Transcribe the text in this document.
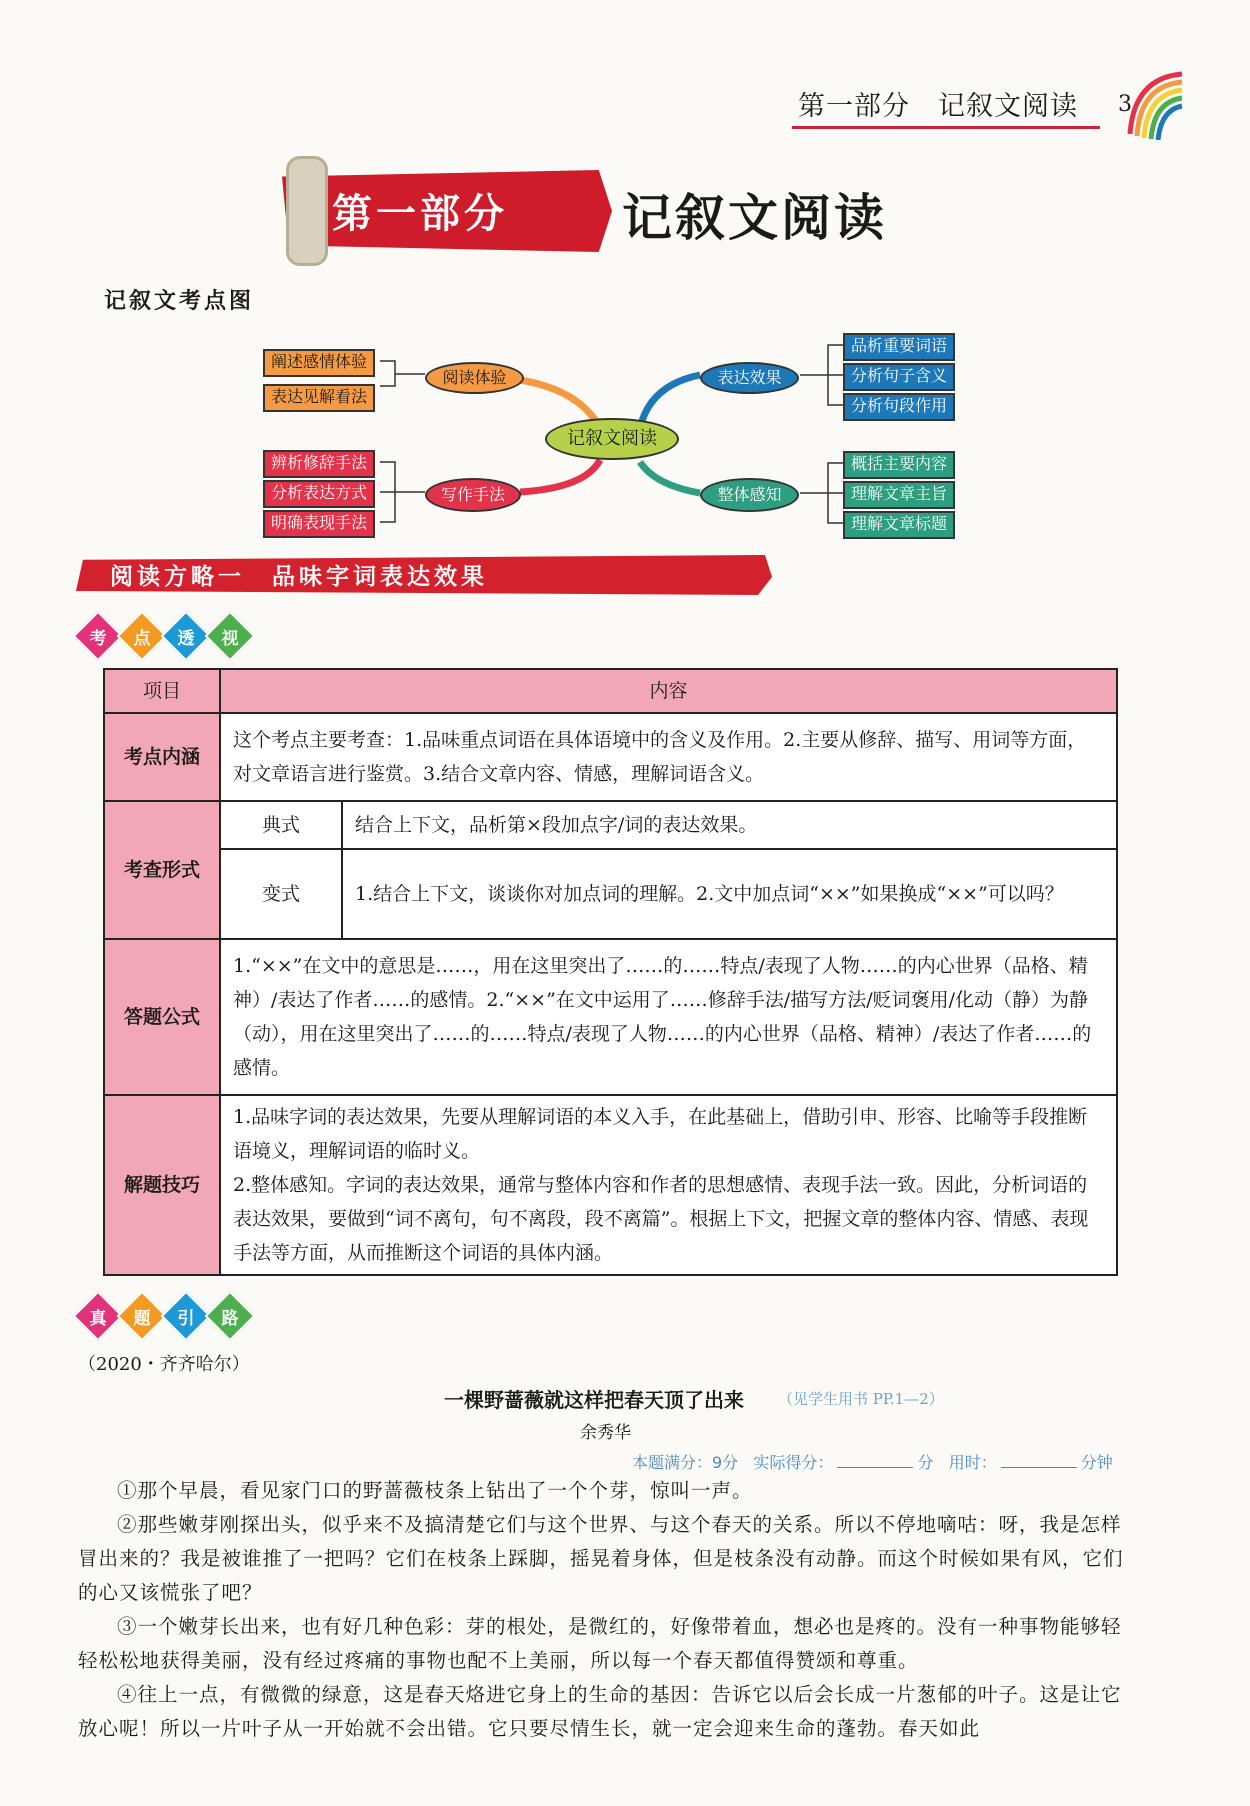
第一部分　记叙文阅读 3
第一部分 记叙文阅读
记叙文考点图
阐述感情体验
表达见解看法
阅读体验
辨析修辞手法
分析表达方式
明确表现手法
写作手法
记叙文阅读
表达效果
品析重要词语
分析句子含义
分析句段作用
整体感知
概括主要内容
理解文章主旨
理解文章标题
阅读方略一　品味字词表达效果
考 点 透 视
项目	内容	
考点内涵	这个考点主要考查：1.品味重点词语在具体语境中的含义及作用。2.主要从修辞、描写、用词等方面，对文章语言进行鉴赏。3.结合文章内容、情感，理解词语含义。	
考查形式	典式	结合上下文，品析第×段加点字/词的表达效果。
	变式	1.结合上下文，谈谈你对加点词的理解。2.文中加点词“××”如果换成“××”可以吗？
答题公式	1.“××”在文中的意思是……，用在这里突出了……的……特点/表现了人物……的内心世界（品格、精神）/表达了作者……的感情。2.“××”在文中运用了……修辞手法/描写方法/贬词褒用/化动（静）为静（动），用在这里突出了……的……特点/表现了人物……的内心世界（品格、精神）/表达了作者……的感情。	
解题技巧	1.品味字词的表达效果，先要从理解词语的本义入手，在此基础上，借助引申、形容、比喻等手段推断语境义，理解词语的临时义。
2.整体感知。字词的表达效果，通常与整体内容和作者的思想感情、表现手法一致。因此，分析词语的表达效果，要做到“词不离句，句不离段，段不离篇”。根据上下文，把握文章的整体内容、情感、表现手法等方面，从而推断这个词语的具体内涵。	
真 题 引 路
（2020・齐齐哈尔）
一棵野蔷薇就这样把春天顶了出来 （见学生用书 PP.1—2）
余秀华
本题满分：9分 实际得分：	分 用时：	分钟
①那个早晨，看见家门口的野蔷薇枝条上钻出了一个个芽，惊叫一声。
②那些嫩芽刚探出头，似乎来不及搞清楚它们与这个世界、与这个春天的关系。所以不停地嘀咕：呀，我是怎样冒出来的？我是被谁推了一把吗？它们在枝条上踩脚，摇晃着身体，但是枝条没有动静。而这个时候如果有风，它们的心又该慌张了吧？
③一个嫩芽长出来，也有好几种色彩：芽的根处，是微红的，好像带着血，想必也是疼的。没有一种事物能够轻轻松松地获得美丽，没有经过疼痛的事物也配不上美丽，所以每一个春天都值得赞颂和尊重。
④往上一点，有微微的绿意，这是春天烙进它身上的生命的基因：告诉它以后会长成一片葱郁的叶子。这是让它放心呢！所以一片叶子从一开始就不会出错。它只要尽情生长，就一定会迎来生命的蓬勃。春天如此
